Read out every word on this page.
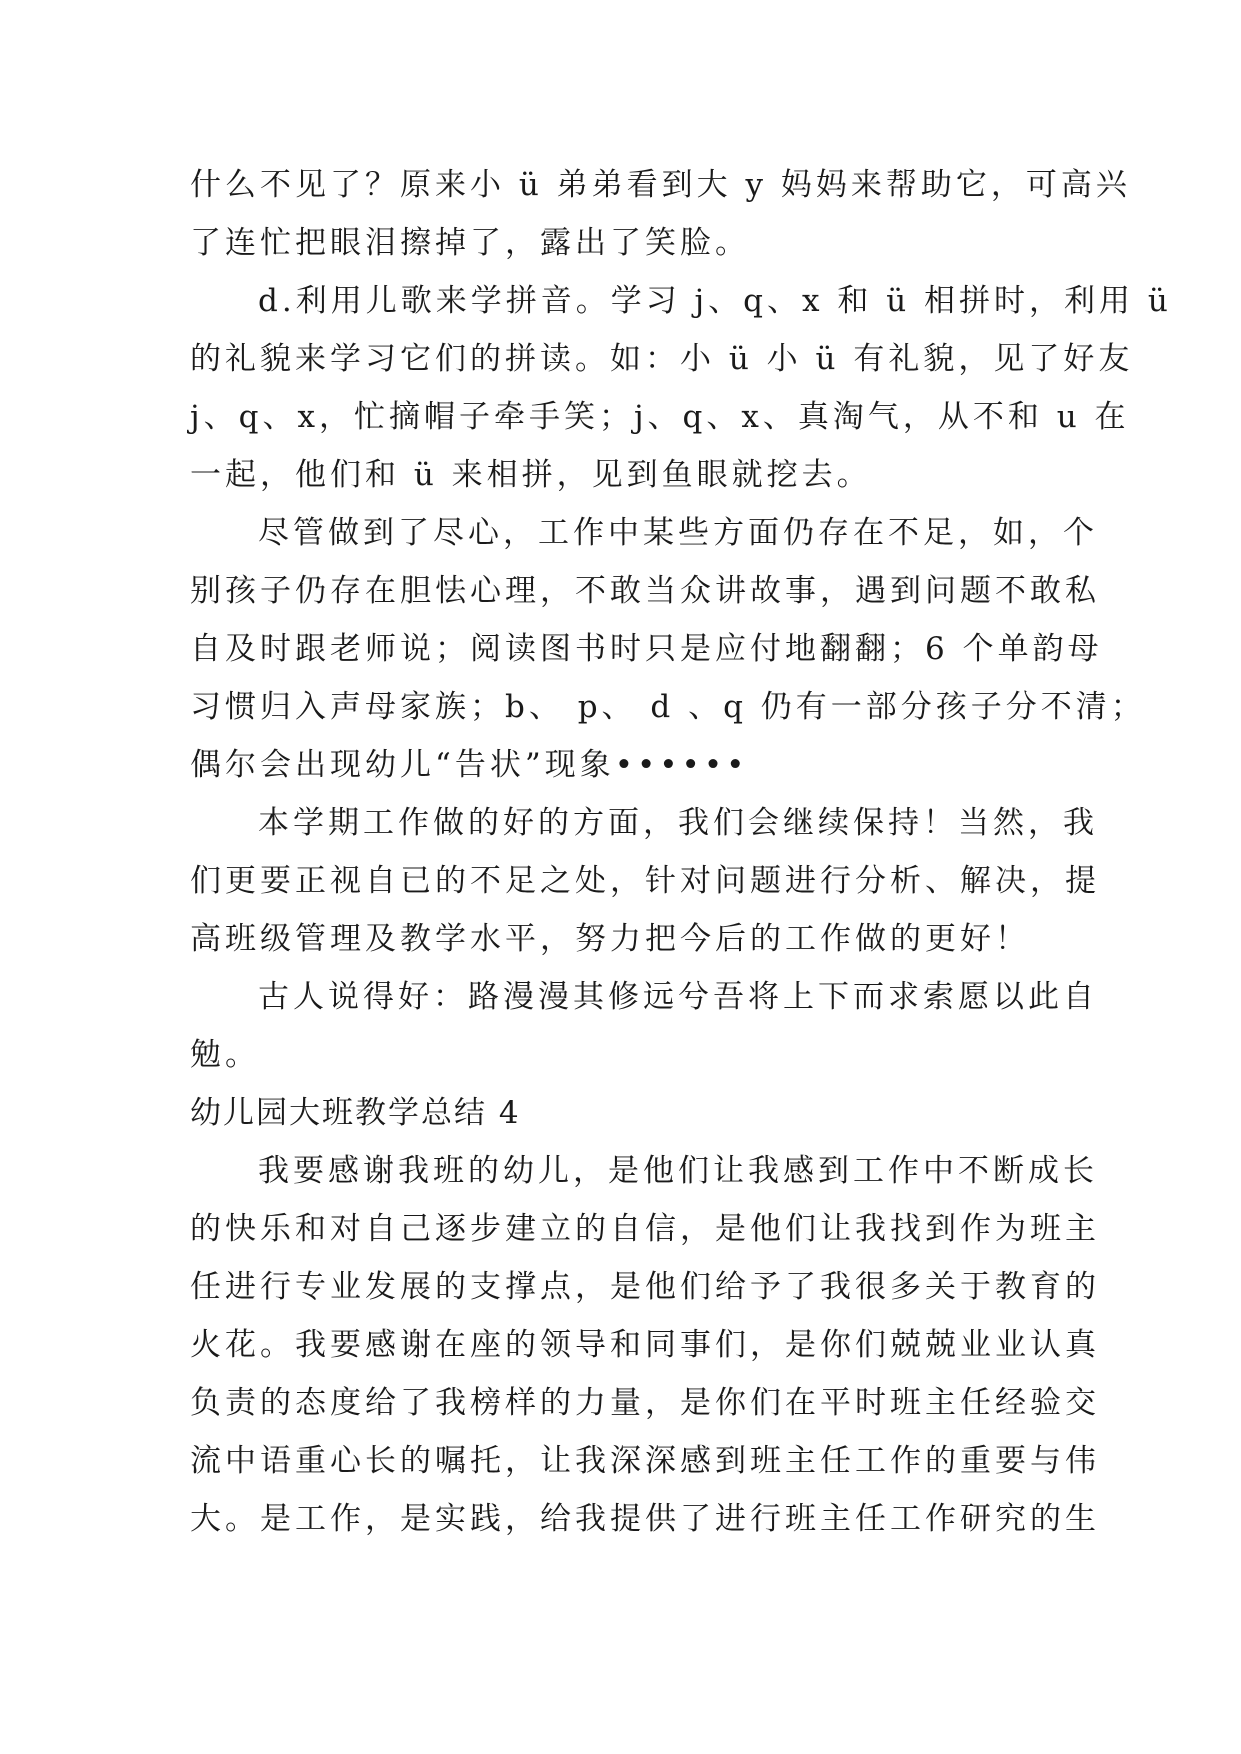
什么不见了？原来小 ü 弟弟看到大 y 妈妈来帮助它，可高兴
了连忙把眼泪擦掉了，露出了笑脸。
d.利用儿歌来学拼音。学习 j、q、x 和 ü 相拼时，利用 ü
的礼貌来学习它们的拼读。如：小 ü 小 ü 有礼貌，见了好友
j、q、x，忙摘帽子牵手笑；j、q、x、真淘气，从不和 u 在
一起，他们和 ü 来相拼，见到鱼眼就挖去。
尽管做到了尽心，工作中某些方面仍存在不足，如，个
别孩子仍存在胆怯心理，不敢当众讲故事，遇到问题不敢私
自及时跟老师说；阅读图书时只是应付地翻翻；6 个单韵母
习惯归入声母家族；b、 p、 d 、q 仍有一部分孩子分不清；
偶尔会出现幼儿“告状”现象••••••
本学期工作做的好的方面，我们会继续保持！当然，我
们更要正视自已的不足之处，针对问题进行分析、解决，提
高班级管理及教学水平，努力把今后的工作做的更好！
古人说得好：路漫漫其修远兮吾将上下而求索愿以此自
勉。
幼儿园大班教学总结 4
我要感谢我班的幼儿，是他们让我感到工作中不断成长
的快乐和对自己逐步建立的自信，是他们让我找到作为班主
任进行专业发展的支撑点，是他们给予了我很多关于教育的
火花。我要感谢在座的领导和同事们，是你们兢兢业业认真
负责的态度给了我榜样的力量，是你们在平时班主任经验交
流中语重心长的嘱托，让我深深感到班主任工作的重要与伟
大。是工作，是实践，给我提供了进行班主任工作研究的生
